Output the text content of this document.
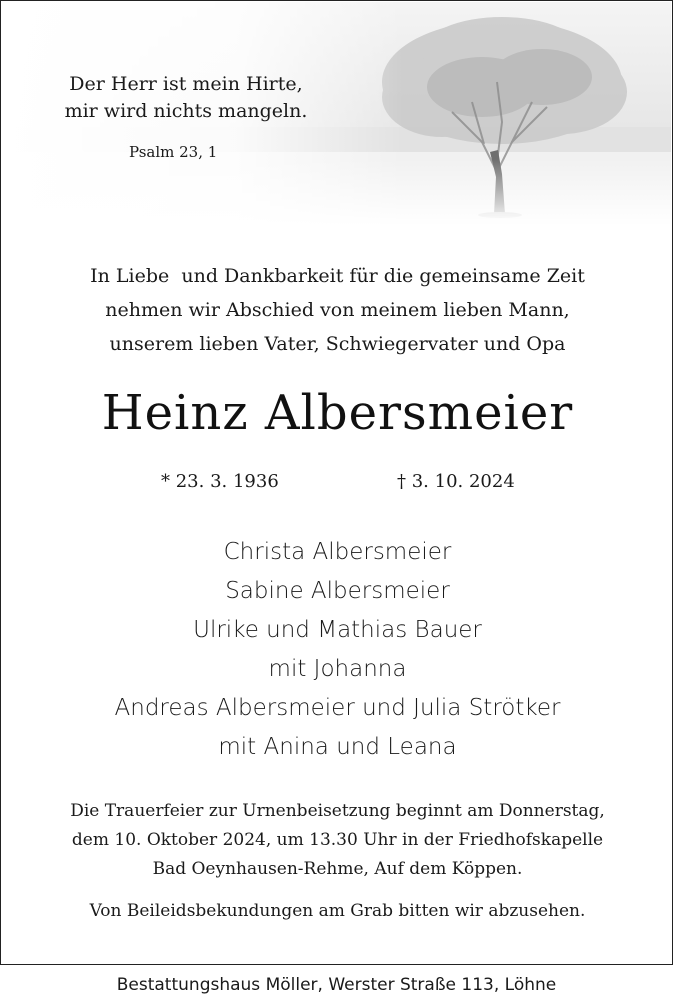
Der Herr ist mein Hirte,
mir wird nichts mangeln.
Psalm 23, 1
In Liebe  und Dankbarkeit für die gemeinsame Zeit
nehmen wir Abschied von meinem lieben Mann,
unserem lieben Vater, Schwiegervater und Opa
Heinz Albersmeier
* 23. 3. 1936	† 3. 10. 2024
Christa Albersmeier
Sabine Albersmeier
Ulrike und Mathias Bauer
mit Johanna
Andreas Albersmeier und Julia Strötker
mit Anina und Leana
Die Trauerfeier zur Urnenbeisetzung beginnt am Donnerstag,
dem 10. Oktober 2024, um 13.30 Uhr in der Friedhofskapelle
Bad Oeynhausen-Rehme, Auf dem Köppen.
Von Beileidsbekundungen am Grab bitten wir abzusehen.
Bestattungshaus Möller, Werster Straße 113, Löhne
